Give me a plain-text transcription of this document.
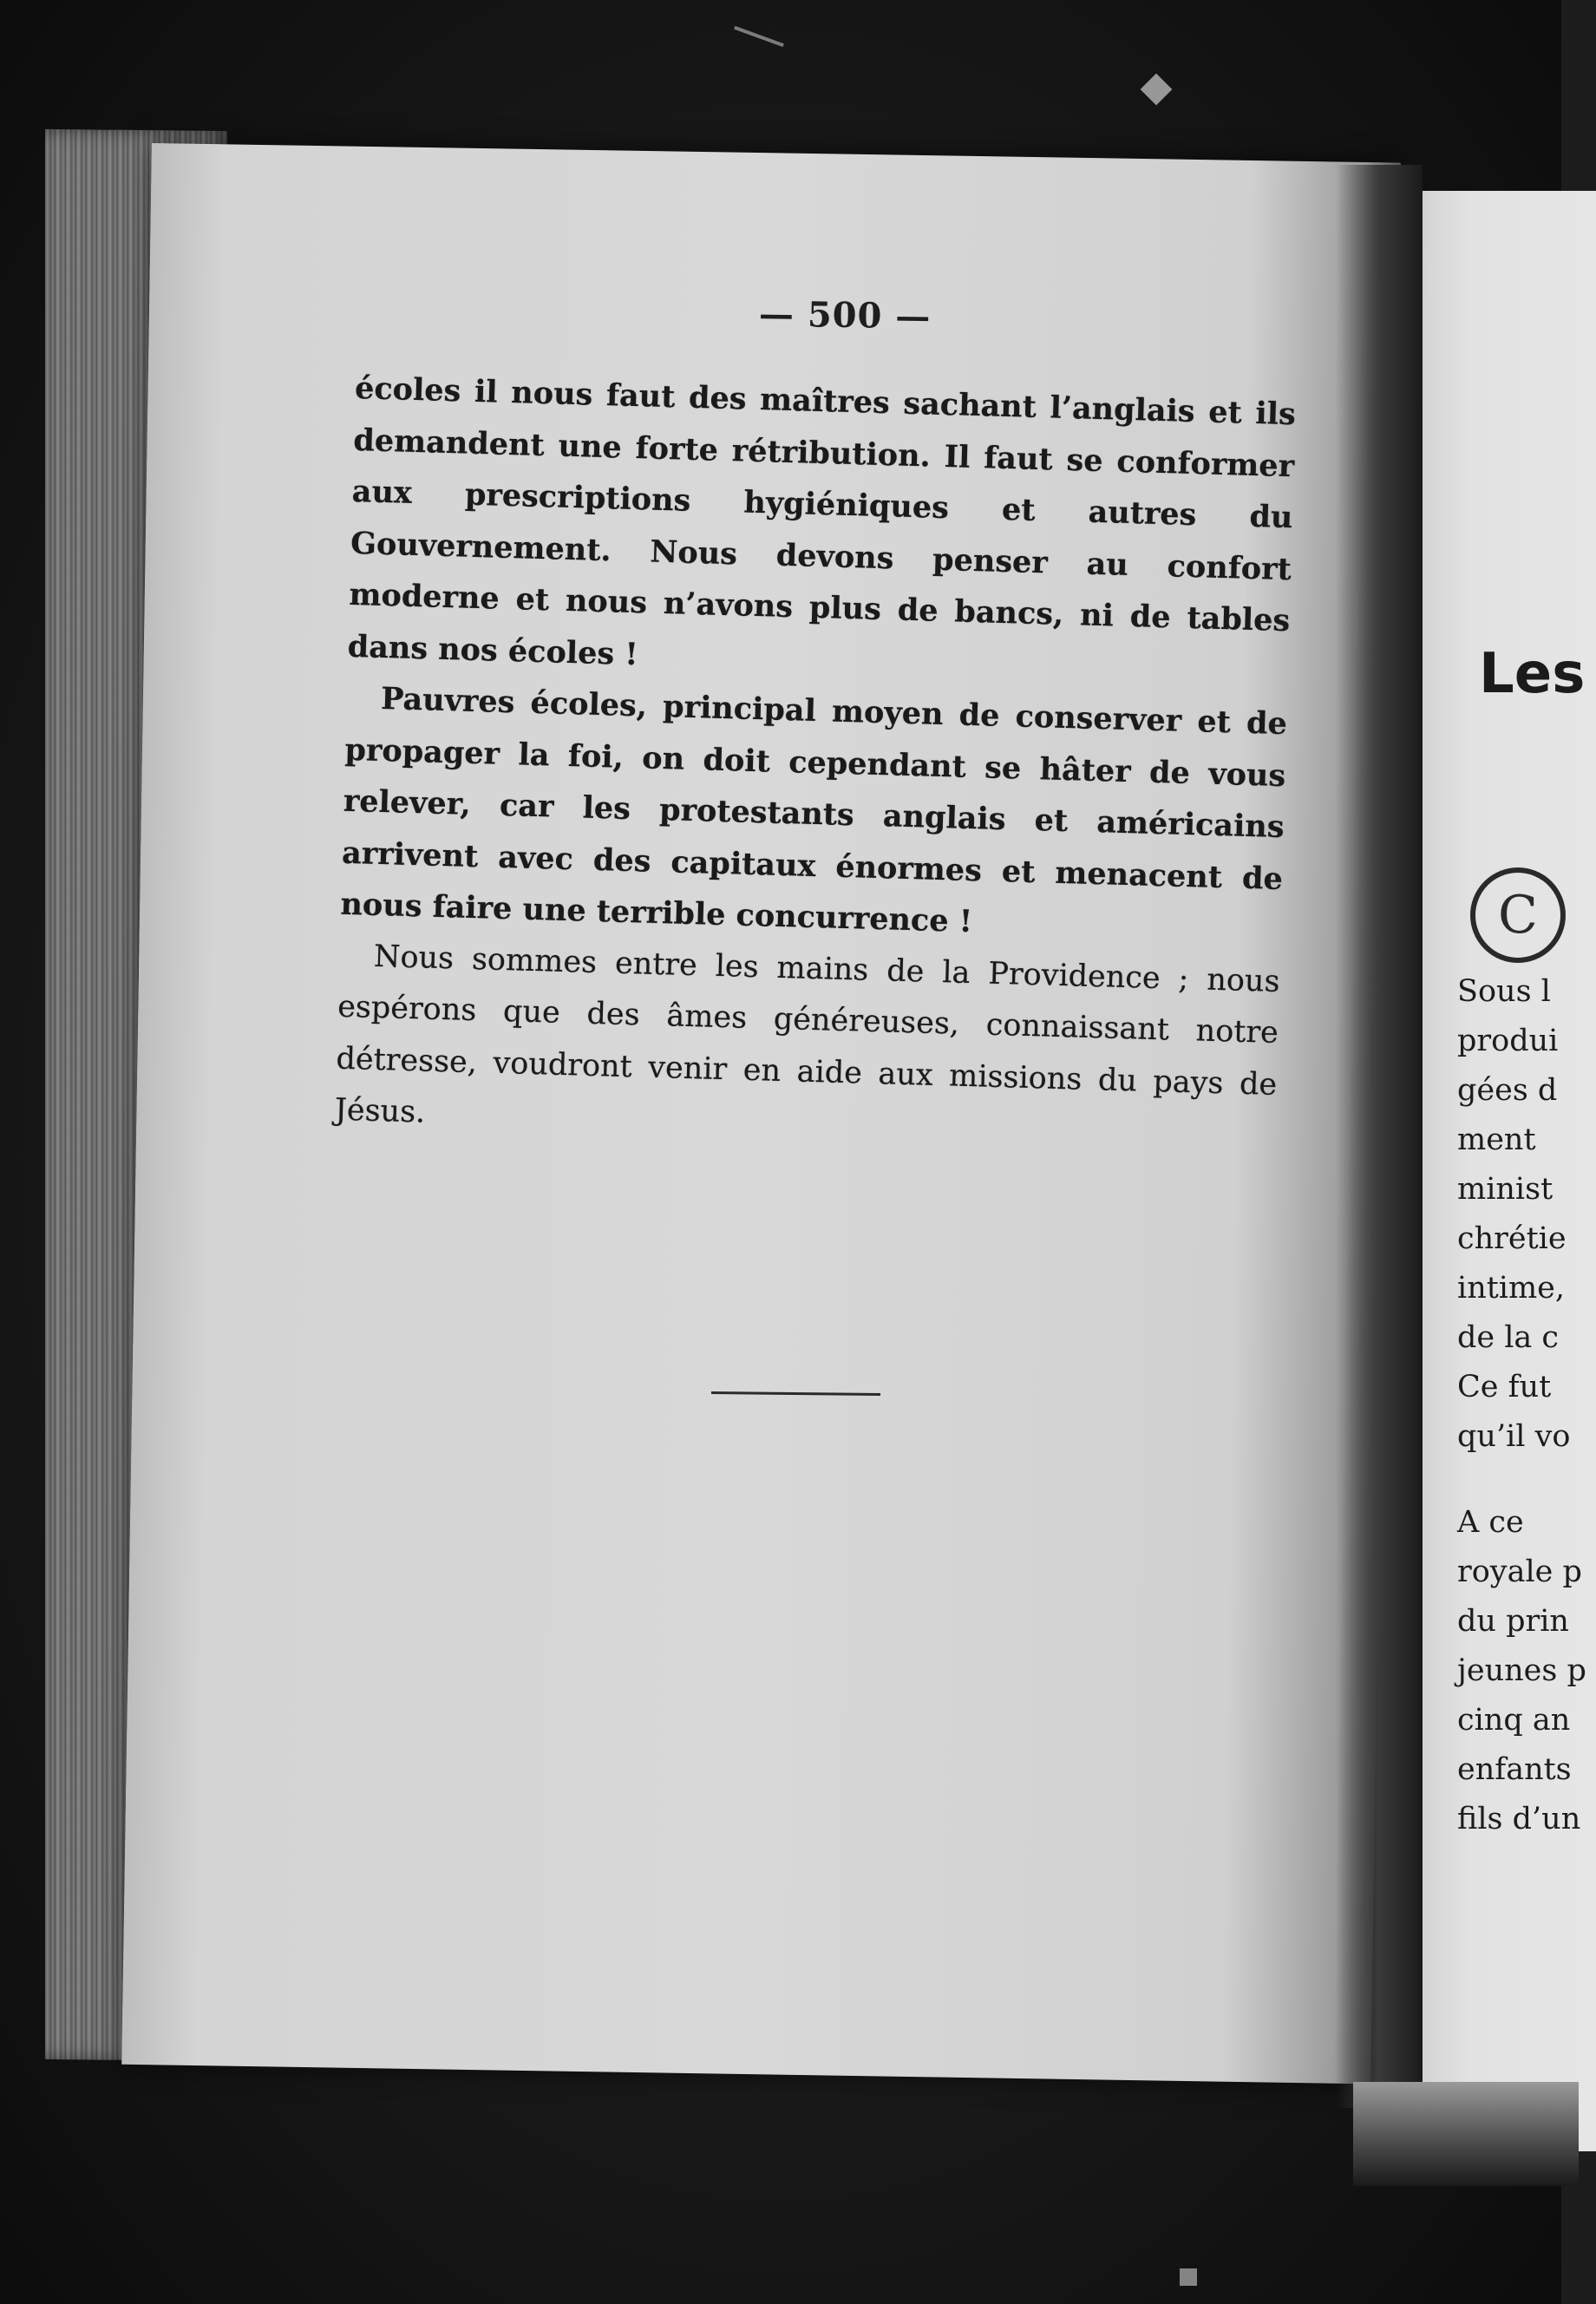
— 500 —

écoles il nous faut des maîtres sachant l’anglais et ils demandent une forte rétribution. Il faut se conformer aux prescriptions hygiéniques et autres du Gouvernement. Nous devons penser au confort moderne et nous n’avons plus de bancs, ni de tables dans nos écoles !

Pauvres écoles, principal moyen de conserver et de propager la foi, on doit cependant se hâter de vous relever, car les protestants anglais et américains arrivent avec des capitaux énormes et menacent de nous faire une terrible concurrence !

Nous sommes entre les mains de la Providence ; nous espérons que des âmes généreuses, connaissant notre détresse, voudront venir en aide aux missions du pays de Jésus.

Les
C
Sous l
produi
gées d
ment
minist
chrétie
intime,
de la c
Ce fut
qu’il vo
A ce
royale p
du prin
jeunes p
cinq an
enfants
fils d’un
